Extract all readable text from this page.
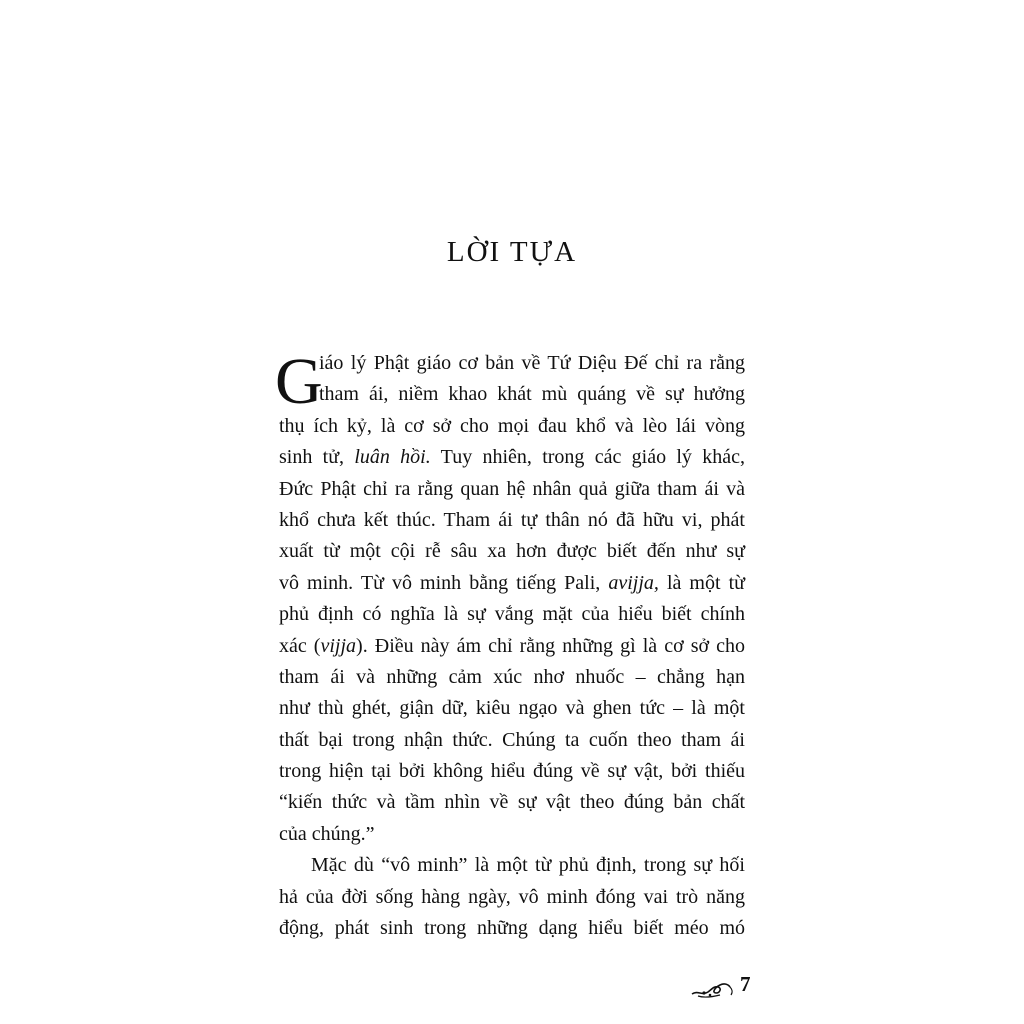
LỜI TỰA
G
iáo lý Phật giáo cơ bản về Tứ Diệu Đế chỉ ra rằng
tham ái, niềm khao khát mù quáng về sự hưởng
thụ ích kỷ, là cơ sở cho mọi đau khổ và lèo lái vòng
sinh tử, luân hồi. Tuy nhiên, trong các giáo lý khác,
Đức Phật chỉ ra rằng quan hệ nhân quả giữa tham ái và
khổ chưa kết thúc. Tham ái tự thân nó đã hữu vi, phát
xuất từ một cội rễ sâu xa hơn được biết đến như sự
vô minh. Từ vô minh bằng tiếng Pali, avijja, là một từ
phủ định có nghĩa là sự vắng mặt của hiểu biết chính
xác (vijja). Điều này ám chỉ rằng những gì là cơ sở cho
tham ái và những cảm xúc nhơ nhuốc – chẳng hạn
như thù ghét, giận dữ, kiêu ngạo và ghen tức – là một
thất bại trong nhận thức. Chúng ta cuốn theo tham ái
trong hiện tại bởi không hiểu đúng về sự vật, bởi thiếu
“kiến thức và tầm nhìn về sự vật theo đúng bản chất
của chúng.”
Mặc dù “vô minh” là một từ phủ định, trong sự hối
hả của đời sống hàng ngày, vô minh đóng vai trò năng
động, phát sinh trong những dạng hiểu biết méo mó
7
